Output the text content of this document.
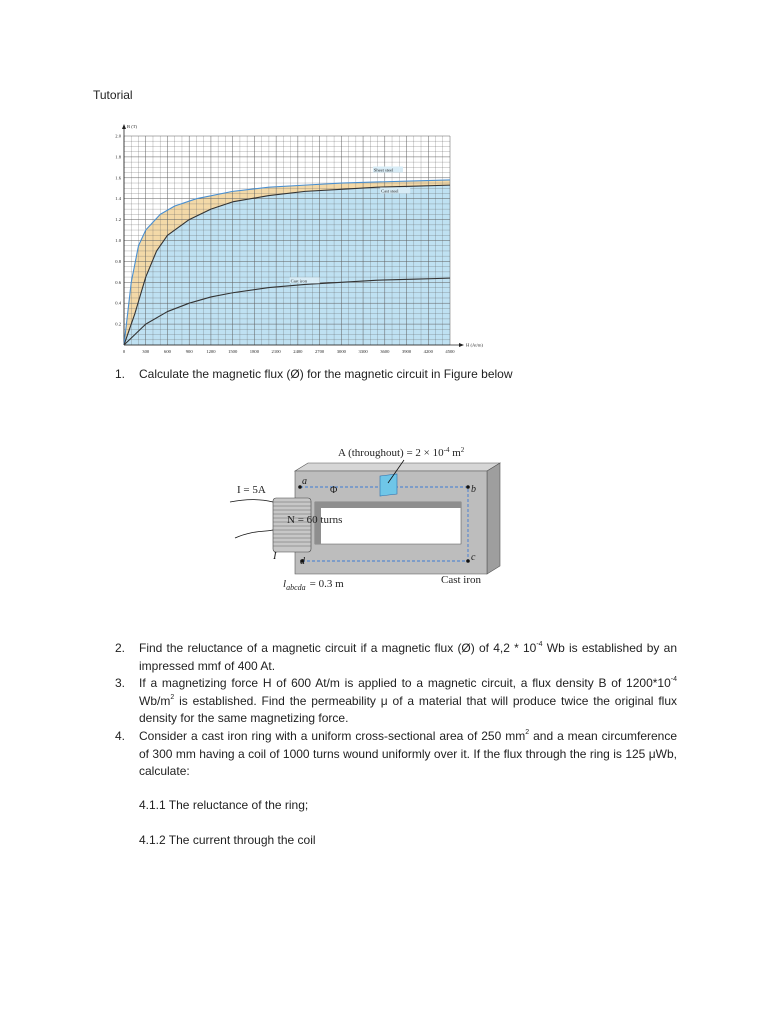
Tutorial
0	300	600	900	1200	1500	1800	2100	2400	2700	3000	3300	3600	3900	4200	4500
0.2
0.4
0.6
0.8
1.0
1.2
1.4
1.6
1.8
2.0
B (T)
H (At/m)
Sheet steel
Cast steel
Cast iron
1.	Calculate the magnetic flux (Ø) for the magnetic circuit in Figure below
A (throughout) = $2 \times 10^{-4}$ $m^2$
I = 5A
a
b
c
d
Φ
N = 60 turns
I
$l_{abcda} = 0.3$ m	Cast iron
2.	Find the reluctance of a magnetic circuit if a magnetic flux (Ø) of $4,2 * 10^{-4}$ Wb is established by an impressed mmf of 400 At.
3.	If a magnetizing force H of 600 At/m is applied to a magnetic circuit, a flux density B of $1200*10^{-4}$ $Wb/m^2$ is established. Find the permeability μ of a material that will produce twice the original flux density for the same magnetizing force.
4.	Consider a cast iron ring with a uniform cross-sectional area of 250 $mm^2$ and a mean circumference of 300 mm having a coil of 1000 turns wound uniformly over it. If the flux through the ring is 125 μWb, calculate:
4.1.1 The reluctance of the ring;
4.1.2 The current through the coil
